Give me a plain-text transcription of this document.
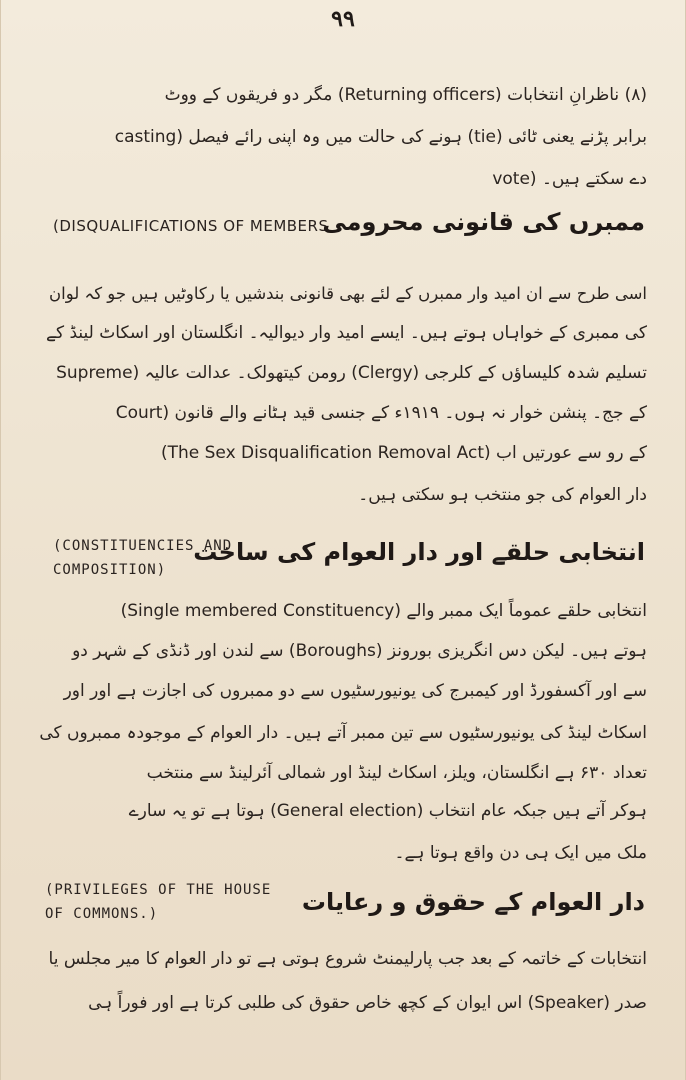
۹۹
(۸) ناظرانِ انتخابات (Returning officers) مگر دو فریقوں کے ووٹ
برابر پڑنے یعنی ٹائی (tie) ہونے کی حالت میں وہ اپنی رائے فیصل (casting
vote) دے سکتے ہیں۔
(DISQUALIFICATIONS OF MEMBERS
ممبرں کی قانونی محرومی
اسی طرح سے ان امید وار ممبرں کے لئے بھی قانونی بندشیں یا رکاوٹیں ہیں جو کہ لوان
کی ممبری کے خواہاں ہوتے ہیں۔ ایسے امید وار دیوالیہ۔ انگلستان اور اسکاٹ لینڈ کے
تسلیم شدہ کلیساؤں کے کلرجی (Clergy) رومن کیتھولک۔ عدالت عالیہ (Supreme
Court) کے جج۔ پنشن خوار نہ ہوں۔ ۱۹۱۹ء کے جنسی قید ہٹانے والے قانون
(The Sex Disqualification Removal Act) کے رو سے عورتیں اب
دار العوام کی جو منتخب ہو سکتی ہیں۔
(CONSTITUENCIES AND
COMPOSITION)
انتخابی حلقے اور دار العوام کی ساخت
انتخابی حلقے عموماً ایک ممبر والے (Single membered Constituency)
ہوتے ہیں۔ لیکن دس انگریزی بورونز (Boroughs) سے لندن اور ڈنڈی کے شہر دو
سے اور آکسفورڈ اور کیمبرج کی یونیورسٹیوں سے دو ممبروں کی اجازت ہے اور اور
اسکاٹ لینڈ کی یونیورسٹیوں سے تین ممبر آتے ہیں۔ دار العوام کے موجودہ ممبروں کی
تعداد ۶۳۰ ہے انگلستان، ویلز، اسکاٹ لینڈ اور شمالی آئرلینڈ سے منتخب
ہوکر آتے ہیں جبکہ عام انتخاب (General election) ہوتا ہے تو یہ سارے
ملک میں ایک ہی دن واقع ہوتا ہے۔
(PRIVILEGES OF THE HOUSE
OF COMMONS.)	دار العوام کے حقوق و رعایات
انتخابات کے خاتمہ کے بعد جب پارلیمنٹ شروع ہوتی ہے تو دار العوام کا میر مجلس یا
صدر (Speaker) اس ایوان کے کچھ خاص حقوق کی طلبی کرتا ہے اور فوراً ہی
